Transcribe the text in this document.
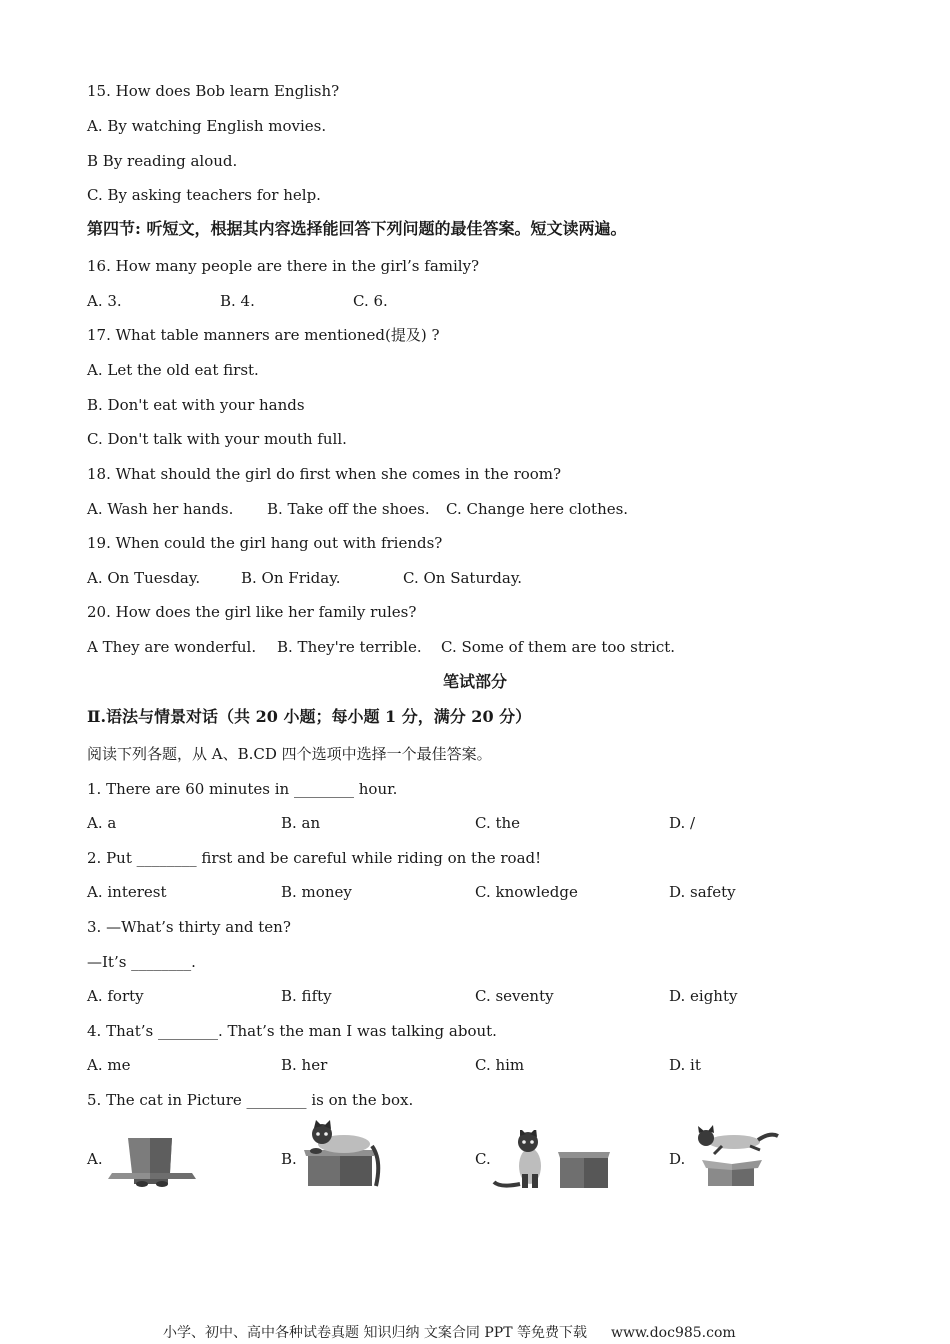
15. How does Bob learn English?
A. By watching English movies.
B By reading aloud.
C. By asking teachers for help.
第四节: 听短文，根据其内容选择能回答下列问题的最佳答案。短文读两遍。
16. How many people are there in the girl’s family?
A. 3.	B. 4.	C. 6.
17. What table manners are mentioned(提及) ?
A. Let the old eat first.
B. Don't eat with your hands
C. Don't talk with your mouth full.
18. What should the girl do first when she comes in the room?
A. Wash her hands. B. Take off the shoes. C. Change here clothes.
19. When could the girl hang out with friends?
A. On Tuesday.	B. On Friday.	C. On Saturday.
20. How does the girl like her family rules?
A They are wonderful. B. They're terrible. C. Some of them are too strict.
笔试部分
Ⅱ.语法与情景对话（共 20 小题；每小题 1 分，满分 20 分）
阅读下列各题，从 A、B.CD 四个选项中选择一个最佳答案。
1. There are 60 minutes in ________ hour.
A. a	B. an	C. the	D. /
2. Put ________ first and be careful while riding on the road!
A. interest	B. money	C. knowledge	D. safety
3. —What’s thirty and ten?
—It’s ________.
A. forty	B. fifty	C. seventy	D. eighty
4. That’s ________. That’s the man I was talking about.
A. me	B. her	C. him	D. it
5. The cat in Picture ________ is on the box.
A.	B.	C.	D.
小学、初中、高中各种试卷真题 知识归纳 文案合同 PPT 等免费下载 www.doc985.com
